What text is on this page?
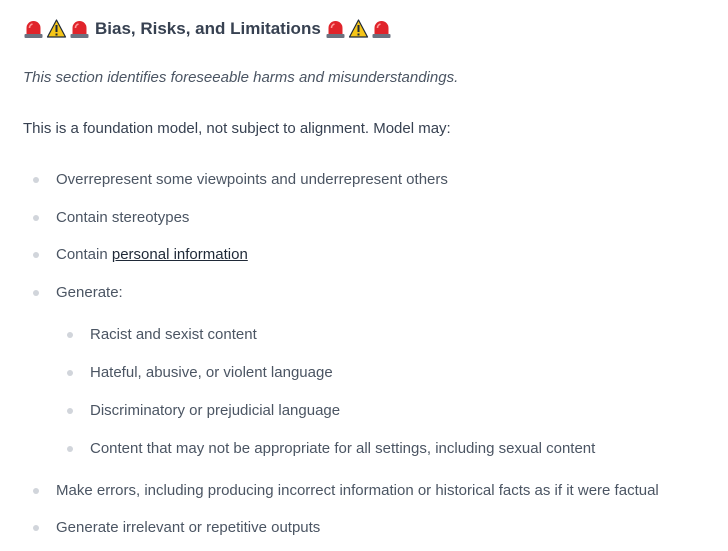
Bias, Risks, and Limitations
This section identifies foreseeable harms and misunderstandings.
This is a foundation model, not subject to alignment. Model may:
Overrepresent some viewpoints and underrepresent others
Contain stereotypes
Contain personal information
Generate:
Racist and sexist content
Hateful, abusive, or violent language
Discriminatory or prejudicial language
Content that may not be appropriate for all settings, including sexual content
Make errors, including producing incorrect information or historical facts as if it were factual
Generate irrelevant or repetitive outputs
